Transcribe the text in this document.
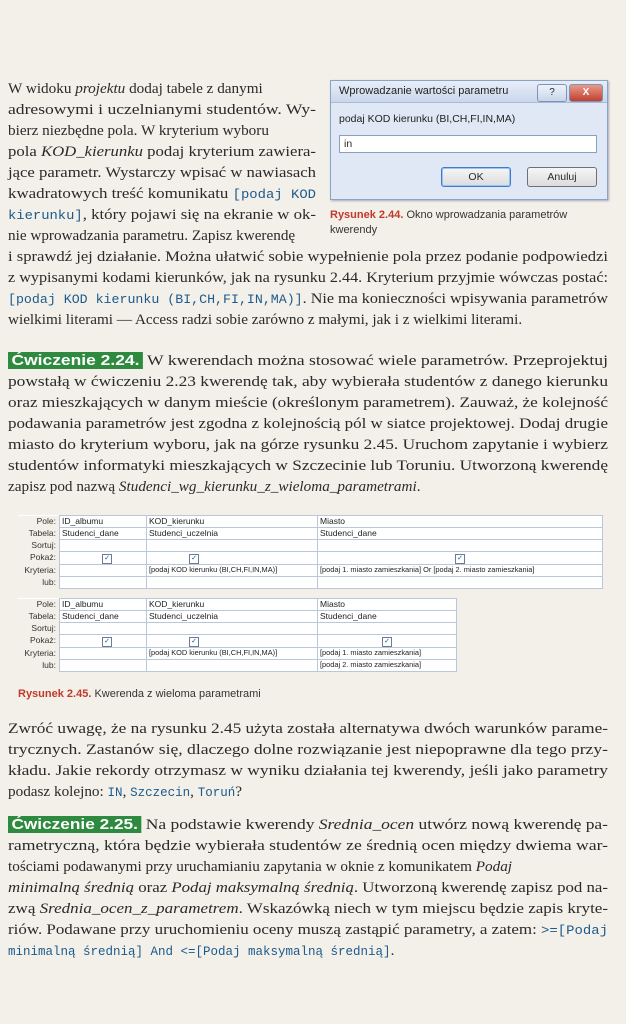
Wprowadzanie wartości parametru	?	X
podaj KOD kierunku (BI,CH,FI,IN,MA)
in
OK	Anuluj
Rysunek 2.44. Okno wprowadzania parametrów
kwerendy
Pole:	ID_albumu	KOD_kierunku	Miasto
Tabela:	Studenci_dane	Studenci_uczelnia	Studenci_dane
Sortuj:			
Pokaż:	✓	✓	✓
Kryteria:		[podaj KOD kierunku (BI,CH,FI,IN,MA)]	[podaj 1. miasto zamieszkania] Or [podaj 2. miasto zamieszkania]
lub:			
Pole:	ID_albumu	KOD_kierunku	Miasto
Tabela:	Studenci_dane	Studenci_uczelnia	Studenci_dane
Sortuj:			
Pokaż:	✓	✓	✓
Kryteria:		[podaj KOD kierunku (BI,CH,FI,IN,MA)]	[podaj 1. miasto zamieszkania]
lub:			[podaj 2. miasto zamieszkania]
Rysunek 2.45. Kwerenda z wieloma parametrami
W widoku projektu dodaj tabele z danymi
adresowymi i uczelnianymi studentów. Wy-
bierz niezbędne pola. W kryterium wyboru
pola KOD_kierunku podaj kryterium zawiera-
jące parametr. Wystarczy wpisać w nawiasach
kwadratowych treść komunikatu [podaj KOD
kierunku], który pojawi się na ekranie w ok-
nie wprowadzania parametru. Zapisz kwerendę
i sprawdź jej działanie. Można ułatwić sobie wypełnienie pola przez podanie podpowiedzi
z wypisanymi kodami kierunków, jak na rysunku 2.44. Kryterium przyjmie wówczas postać:
[podaj KOD kierunku (BI,CH,FI,IN,MA)]. Nie ma konieczności wpisywania parametrów
wielkimi literami — Access radzi sobie zarówno z małymi, jak i z wielkimi literami.
Ćwiczenie 2.24. W kwerendach można stosować wiele parametrów. Przeprojektuj
powstałą w ćwiczeniu 2.23 kwerendę tak, aby wybierała studentów z danego kierunku
oraz mieszkających w danym mieście (określonym parametrem). Zauważ, że kolejność
podawania parametrów jest zgodna z kolejnością pól w siatce projektowej. Dodaj drugie
miasto do kryterium wyboru, jak na górze rysunku 2.45. Uruchom zapytanie i wybierz
studentów informatyki mieszkających w Szczecinie lub Toruniu. Utworzoną kwerendę
zapisz pod nazwą Studenci_wg_kierunku_z_wieloma_parametrami.
Zwróć uwagę, że na rysunku 2.45 użyta została alternatywa dwóch warunków parame-
trycznych. Zastanów się, dlaczego dolne rozwiązanie jest niepoprawne dla tego przy-
kładu. Jakie rekordy otrzymasz w wyniku działania tej kwerendy, jeśli jako parametry
podasz kolejno: IN, Szczecin, Toruń?
Ćwiczenie 2.25. Na podstawie kwerendy Srednia_ocen utwórz nową kwerendę pa-
rametryczną, która będzie wybierała studentów ze średnią ocen między dwiema war-
tościami podawanymi przy uruchamianiu zapytania w oknie z komunikatem Podaj
minimalną średnią oraz Podaj maksymalną średnią. Utworzoną kwerendę zapisz pod na-
zwą Srednia_ocen_z_parametrem. Wskazówką niech w tym miejscu będzie zapis kryte-
riów. Podawane przy uruchomieniu oceny muszą zastąpić parametry, a zatem: >=[Podaj
minimalną średnią] And <=[Podaj maksymalną średnią].
